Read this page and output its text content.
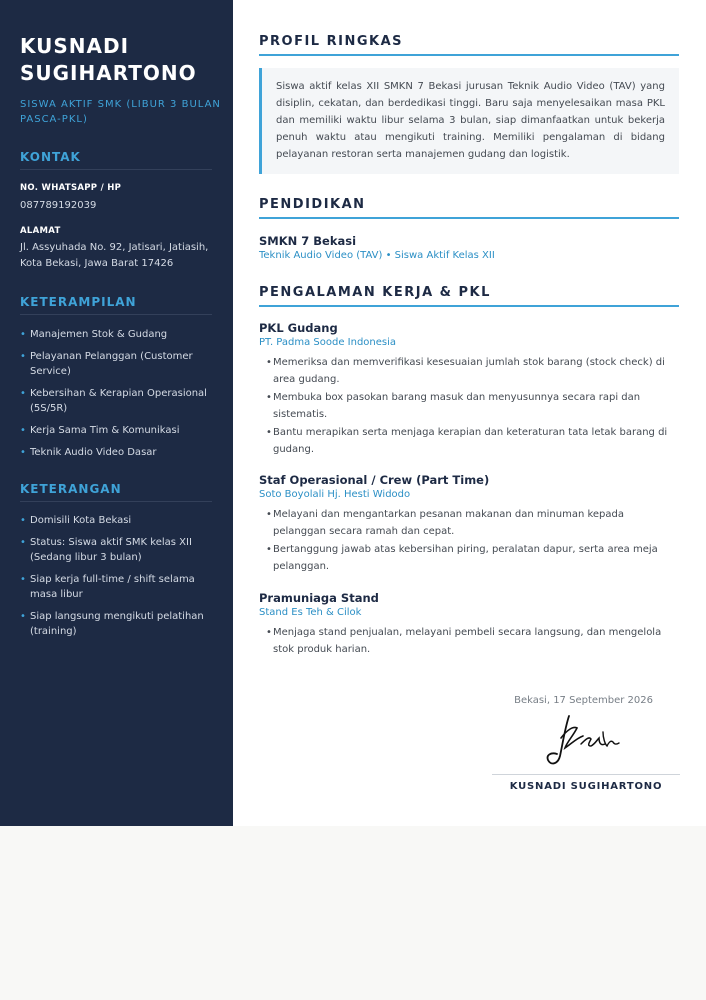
KUSNADI SUGIHARTONO
SISWA AKTIF SMK (LIBUR 3 BULAN PASCA-PKL)
KONTAK
NO. WHATSAPP / HP
087789192039
ALAMAT
Jl. Assyuhada No. 92, Jatisari, Jatiasih, Kota Bekasi, Jawa Barat 17426
KETERAMPILAN
• Manajemen Stok & Gudang
• Pelayanan Pelanggan (Customer Service)
• Kebersihan & Kerapian Operasional (5S/5R)
• Kerja Sama Tim & Komunikasi
• Teknik Audio Video Dasar
KETERANGAN
• Domisili Kota Bekasi
• Status: Siswa aktif SMK kelas XII (Sedang libur 3 bulan)
• Siap kerja full-time / shift selama masa libur
• Siap langsung mengikuti pelatihan (training)
PROFIL RINGKAS
Siswa aktif kelas XII SMKN 7 Bekasi jurusan Teknik Audio Video (TAV) yang disiplin, cekatan, dan berdedikasi tinggi. Baru saja menyelesaikan masa PKL dan memiliki waktu libur selama 3 bulan, siap dimanfaatkan untuk bekerja penuh waktu atau mengikuti training. Memiliki pengalaman di bidang pelayanan restoran serta manajemen gudang dan logistik.
PENDIDIKAN
SMKN 7 Bekasi
Teknik Audio Video (TAV) • Siswa Aktif Kelas XII
PENGALAMAN KERJA & PKL
PKL Gudang
PT. Padma Soode Indonesia
• Memeriksa dan memverifikasi kesesuaian jumlah stok barang (stock check) di area gudang.
• Membuka box pasokan barang masuk dan menyusunnya secara rapi dan sistematis.
• Bantu merapikan serta menjaga kerapian dan keteraturan tata letak barang di gudang.
Staf Operasional / Crew (Part Time)
Soto Boyolali Hj. Hesti Widodo
• Melayani dan mengantarkan pesanan makanan dan minuman kepada pelanggan secara ramah dan cepat.
• Bertanggung jawab atas kebersihan piring, peralatan dapur, serta area meja pelanggan.
Pramuniaga Stand
Stand Es Teh & Cilok
• Menjaga stand penjualan, melayani pembeli secara langsung, dan mengelola stok produk harian.
Bekasi, 17 September 2026
KUSNADI SUGIHARTONO
